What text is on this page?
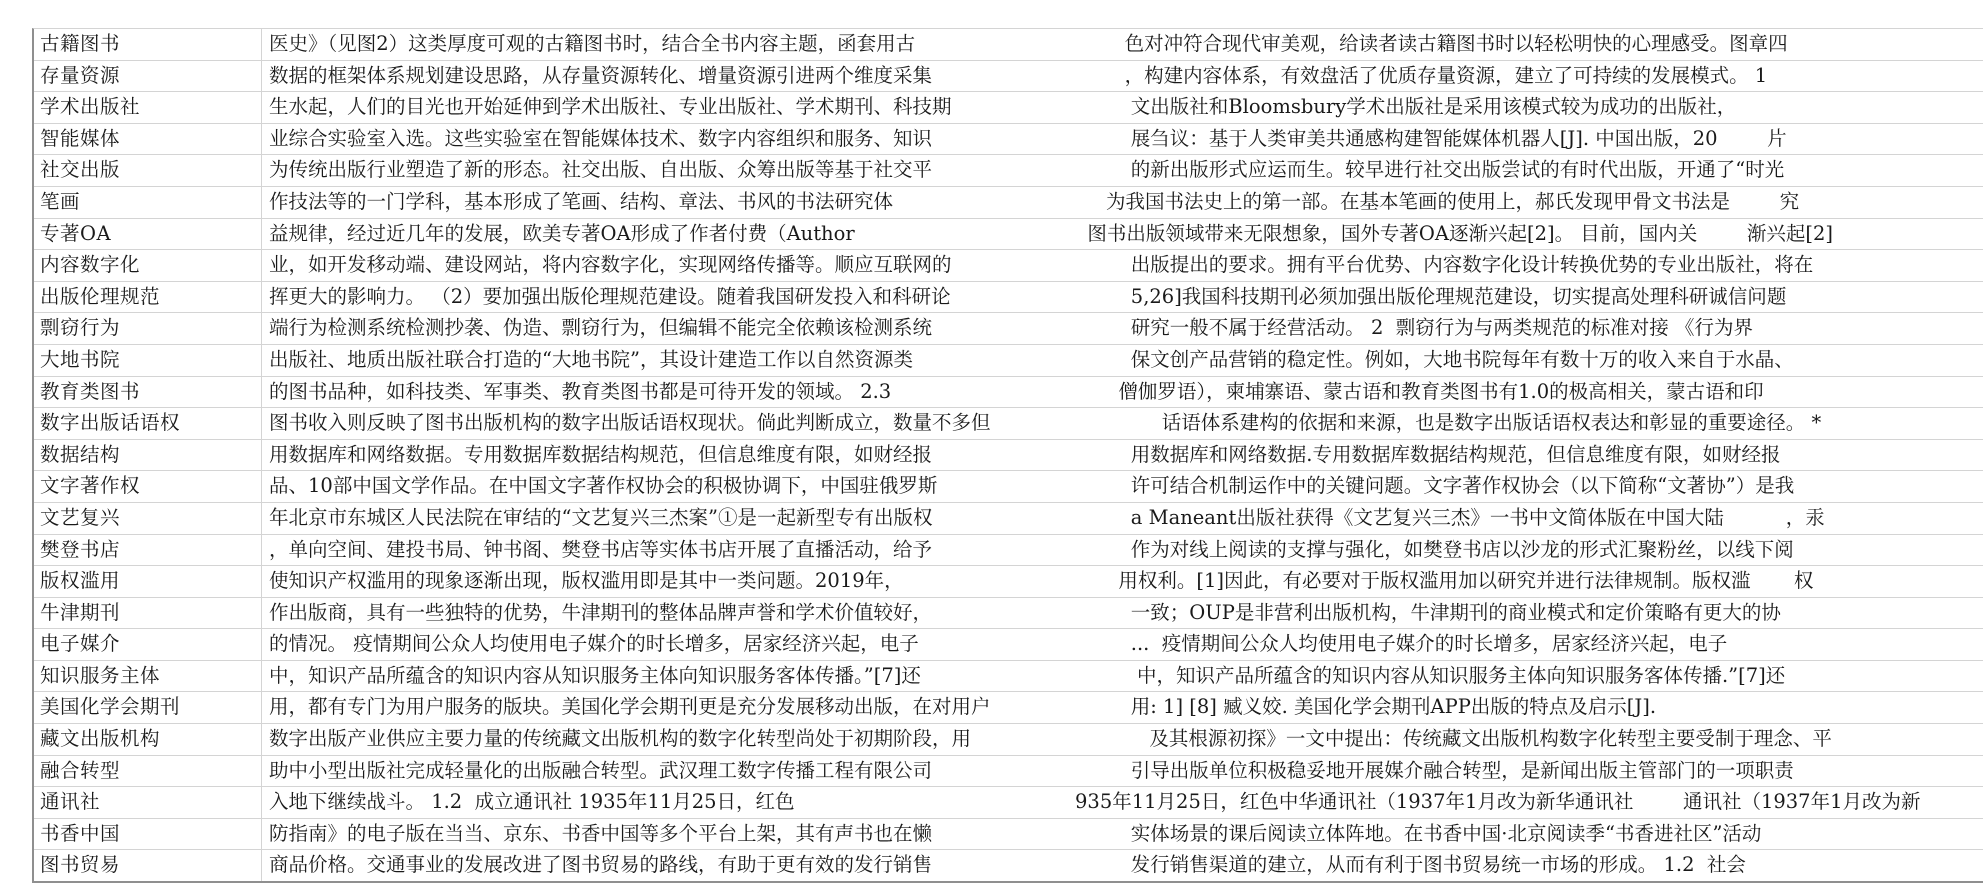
古籍图书	医史》（见图2）这类厚度可观的古籍图书时，结合全书内容主题，函套用古	色对冲符合现代审美观，给读者读古籍图书时以轻松明快的心理感受。图章四
存量资源	数据的框架体系规划建设思路，从存量资源转化、增量资源引进两个维度采集	，构建内容体系，有效盘活了优质存量资源，建立了可持续的发展模式。 1
学术出版社	生水起，人们的目光也开始延伸到学术出版社、专业出版社、学术期刊、科技期	文出版社和Bloomsbury学术出版社是采用该模式较为成功的出版社，
智能媒体	业综合实验室入选。这些实验室在智能媒体技术、数字内容组织和服务、知识	展刍议：基于人类审美共通感构建智能媒体机器人[J]. 中国出版，20        片
社交出版	为传统出版行业塑造了新的形态。社交出版、自出版、众筹出版等基于社交平	的新出版形式应运而生。较早进行社交出版尝试的有时代出版，开通了“时光
笔画	作技法等的一门学科，基本形成了笔画、结构、章法、书风的书法研究体	为我国书法史上的第一部。在基本笔画的使用上，郝氏发现甲骨文书法是        究
专著OA	益规律，经过近几年的发展，欧美专著OA形成了作者付费（Author	图书出版领域带来无限想象，国外专著OA逐渐兴起[2]。 目前，国内关        渐兴起[2]
内容数字化	业，如开发移动端、建设网站，将内容数字化，实现网络传播等。顺应互联网的	出版提出的要求。拥有平台优势、内容数字化设计转换优势的专业出版社，将在
出版伦理规范	挥更大的影响力。 （2）要加强出版伦理规范建设。随着我国研发投入和科研论	5,26]我国科技期刊必须加强出版伦理规范建设，切实提高处理科研诚信问题
剽窃行为	端行为检测系统检测抄袭、伪造、剽窃行为，但编辑不能完全依赖该检测系统	研究一般不属于经营活动。 2  剽窃行为与两类规范的标准对接 《行为界
大地书院	出版社、地质出版社联合打造的“大地书院”，其设计建造工作以自然资源类	保文创产品营销的稳定性。例如，大地书院每年有数十万的收入来自于水晶、
教育类图书	的图书品种，如科技类、军事类、教育类图书都是可待开发的领域。 2.3	僧伽罗语），柬埔寨语、蒙古语和教育类图书有1.0的极高相关，蒙古语和印
数字出版话语权	图书收入则反映了图书出版机构的数字出版话语权现状。倘此判断成立，数量不多但	话语体系建构的依据和来源，也是数字出版话语权表达和彰显的重要途径。 *
数据结构	用数据库和网络数据。专用数据库数据结构规范，但信息维度有限，如财经报	用数据库和网络数据.专用数据库数据结构规范，但信息维度有限，如财经报
文字著作权	品、10部中国文学作品。在中国文字著作权协会的积极协调下，中国驻俄罗斯	许可结合机制运作中的关键问题。文字著作权协会（以下简称“文著协”）是我
文艺复兴	年北京市东城区人民法院在审结的“文艺复兴三杰案”①是一起新型专有出版权	a Maneant出版社获得《文艺复兴三杰》一书中文简体版在中国大陆          ，汞
樊登书店	，单向空间、建投书局、钟书阁、樊登书店等实体书店开展了直播活动，给予	作为对线上阅读的支撑与强化，如樊登书店以沙龙的形式汇聚粉丝，以线下阅
版权滥用	使知识产权滥用的现象逐渐出现，版权滥用即是其中一类问题。2019年，	用权利。[1]因此，有必要对于版权滥用加以研究并进行法律规制。版权滥       权
牛津期刊	作出版商，具有一些独特的优势，牛津期刊的整体品牌声誉和学术价值较好，	一致；OUP是非营利出版机构，牛津期刊的商业模式和定价策略有更大的协
电子媒介	的情况。 疫情期间公众人均使用电子媒介的时长增多，居家经济兴起，电子	...  疫情期间公众人均使用电子媒介的时长增多，居家经济兴起，电子
知识服务主体	中，知识产品所蕴含的知识内容从知识服务主体向知识服务客体传播。”[7]还	中，知识产品所蕴含的知识内容从知识服务主体向知识服务客体传播.”[7]还
美国化学会期刊	用，都有专门为用户服务的版块。美国化学会期刊更是充分发展移动出版，在对用户	用: 1] [8] 臧义姣. 美国化学会期刊APP出版的特点及启示[J].
藏文出版机构	数字出版产业供应主要力量的传统藏文出版机构的数字化转型尚处于初期阶段，用	及其根源初探》一文中提出：传统藏文出版机构数字化转型主要受制于理念、平
融合转型	助中小型出版社完成轻量化的出版融合转型。武汉理工数字传播工程有限公司	引导出版单位积极稳妥地开展媒介融合转型，是新闻出版主管部门的一项职责
通讯社	入地下继续战斗。 1.2  成立通讯社 1935年11月25日，红色	935年11月25日，红色中华通讯社（1937年1月改为新华通讯社        通讯社（1937年1月改为新
书香中国	防指南》的电子版在当当、京东、书香中国等多个平台上架，其有声书也在懒	实体场景的课后阅读立体阵地。在书香中国·北京阅读季“书香进社区”活动
图书贸易	商品价格。交通事业的发展改进了图书贸易的路线，有助于更有效的发行销售	发行销售渠道的建立，从而有利于图书贸易统一市场的形成。 1.2  社会
